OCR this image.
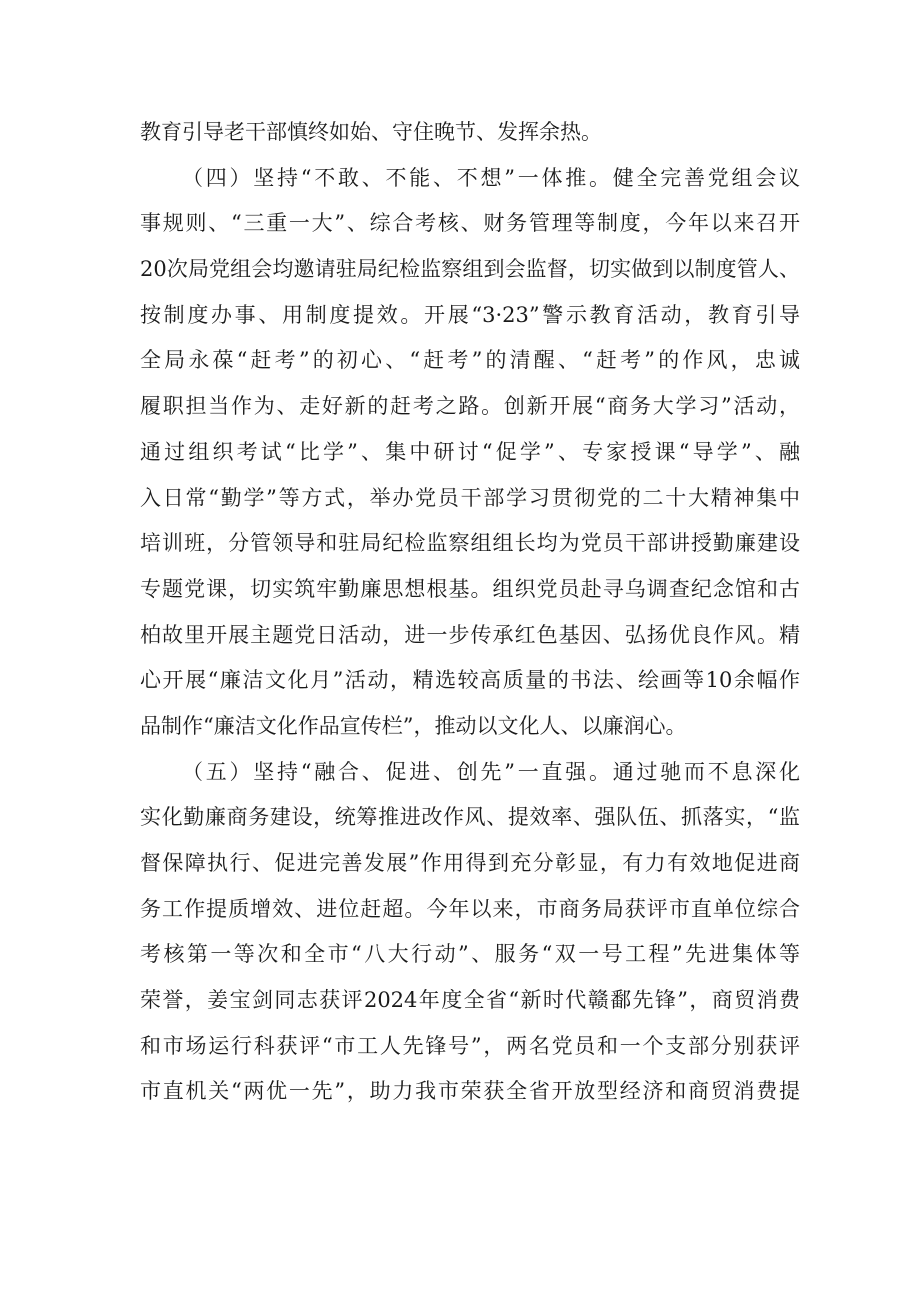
教育引导老干部慎终如始、守住晚节、发挥余热。
（四）坚持“不敢、不能、不想”一体推。健全完善党组会议
事规则、“三重一大”、综合考核、财务管理等制度，今年以来召开
20次局党组会均邀请驻局纪检监察组到会监督，切实做到以制度管人、
按制度办事、用制度提效。开展“3·23”警示教育活动，教育引导
全局永葆“赶考”的初心、“赶考”的清醒、“赶考”的作风，忠诚
履职担当作为、走好新的赶考之路。创新开展“商务大学习”活动，
通过组织考试“比学”、集中研讨“促学”、专家授课“导学”、融
入日常“勤学”等方式，举办党员干部学习贯彻党的二十大精神集中
培训班，分管领导和驻局纪检监察组组长均为党员干部讲授勤廉建设
专题党课，切实筑牢勤廉思想根基。组织党员赴寻乌调查纪念馆和古
柏故里开展主题党日活动，进一步传承红色基因、弘扬优良作风。精
心开展“廉洁文化月”活动，精选较高质量的书法、绘画等10余幅作
品制作“廉洁文化作品宣传栏”，推动以文化人、以廉润心。
（五）坚持“融合、促进、创先”一直强。通过驰而不息深化
实化勤廉商务建设，统筹推进改作风、提效率、强队伍、抓落实，“监
督保障执行、促进完善发展”作用得到充分彰显，有力有效地促进商
务工作提质增效、进位赶超。今年以来，市商务局获评市直单位综合
考核第一等次和全市“八大行动”、服务“双一号工程”先进集体等
荣誉，姜宝剑同志获评2024年度全省“新时代赣鄱先锋”，商贸消费
和市场运行科获评“市工人先锋号”，两名党员和一个支部分别获评
市直机关“两优一先”，助力我市荣获全省开放型经济和商贸消费提
